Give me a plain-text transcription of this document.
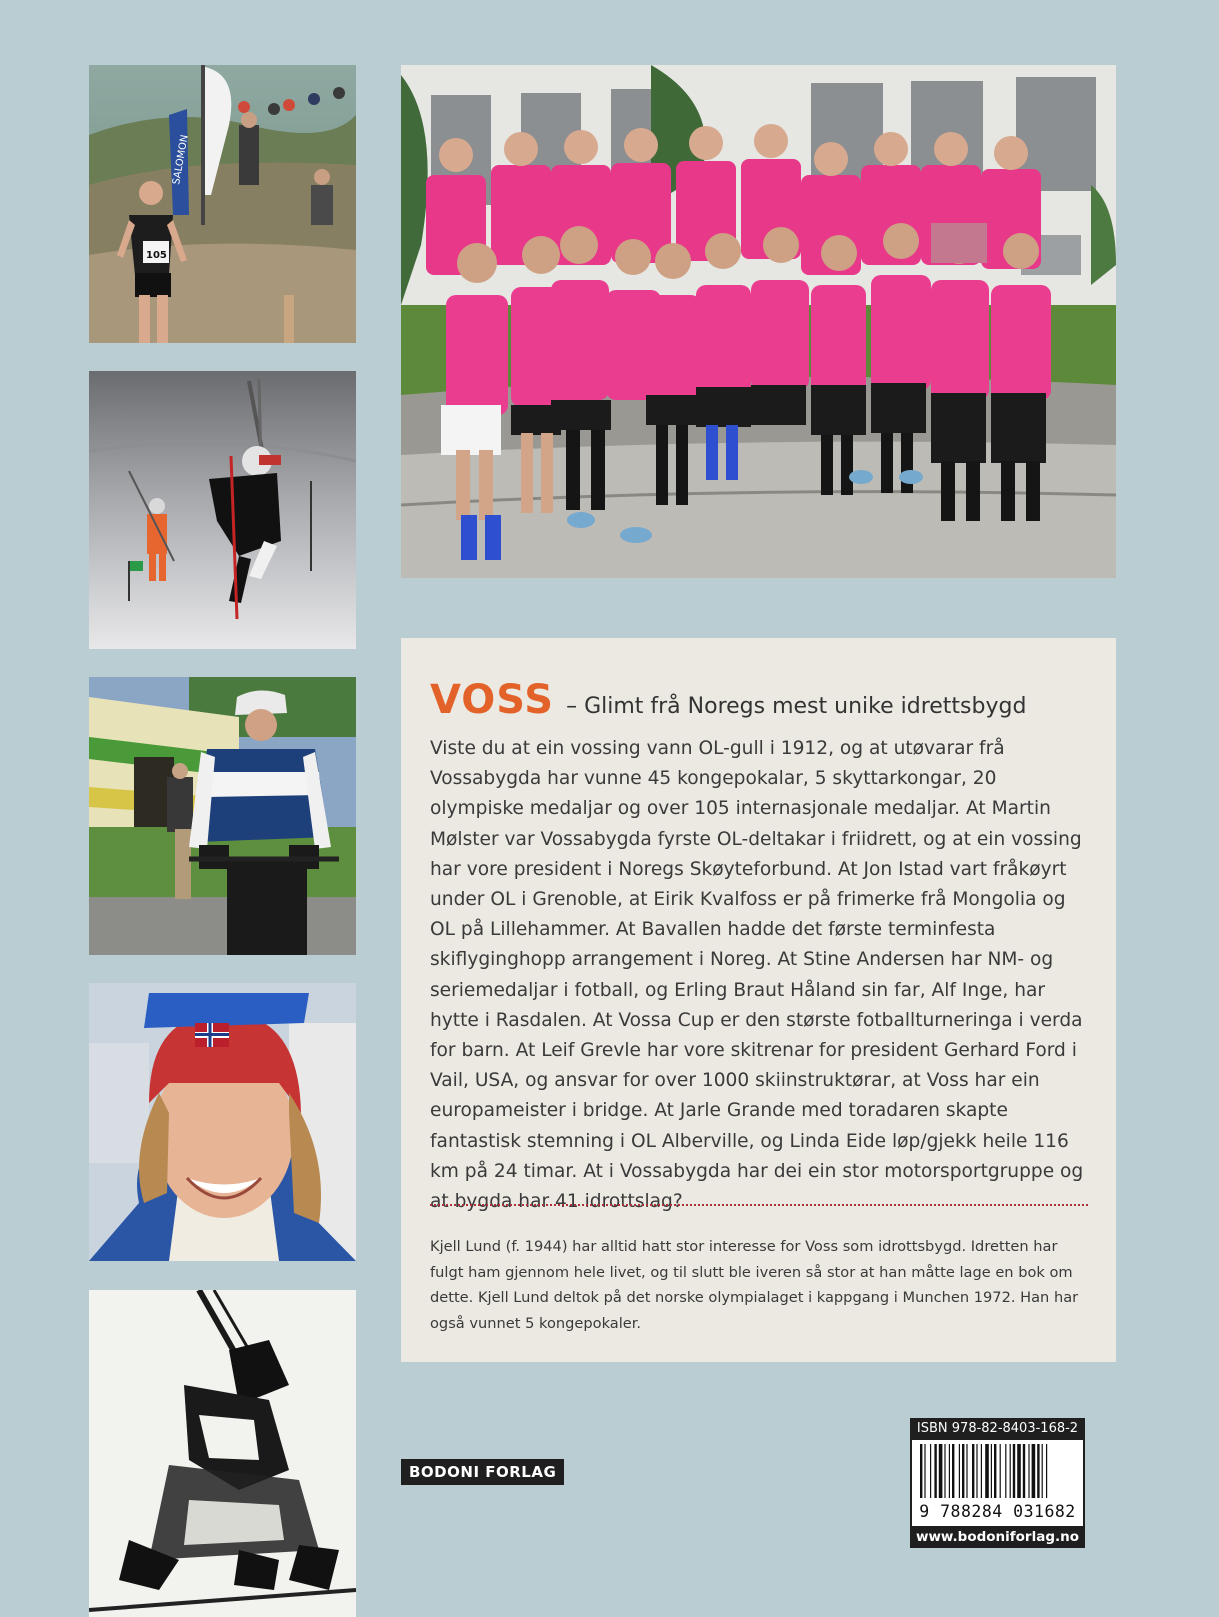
SALOMON
105
VOSS – Glimt frå Noregs mest unike idrettsbygd

Viste du at ein vossing vann OL-gull i 1912, og at utøvarar frå Vossabygda har vunne 45 kongepokalar, 5 skyttarkongar, 20 olympiske medaljar og over 105 internasjonale medaljar. At Martin Mølster var Vossabygda fyrste OL-deltakar i friidrett, og at ein vossing har vore president i Noregs Skøyteforbund. At Jon Istad vart fråkøyrt under OL i Grenoble, at Eirik Kvalfoss er på frimerke frå Mongolia og OL på Lillehammer. At Bavallen hadde det første terminfesta skiflyginghopp arrangement i Noreg. At Stine Andersen har NM- og seriemedaljar i fotball, og Erling Braut Håland sin far, Alf Inge, har hytte i Rasdalen. At Vossa Cup er den største fotballturneringa i verda for barn. At Leif Grevle har vore skitrenar for president Gerhard Ford i Vail, USA, og ansvar for over 1000 skiinstruktørar, at Voss har ein europameister i bridge. At Jarle Grande med toradaren skapte fantastisk stemning i OL Alberville, og Linda Eide løp/gjekk heile 116 km på 24 timar. At i Vossabygda har dei ein stor motorsportgruppe og at bygda har 41 idrottslag?

Kjell Lund (f. 1944) har alltid hatt stor interesse for Voss som idrottsbygd. Idretten har fulgt ham gjennom hele livet, og til slutt ble iveren så stor at han måtte lage en bok om dette. Kjell Lund deltok på det norske olympialaget i kappgang i Munchen 1972. Han har også vunnet 5 kongepokaler.

BODONI FORLAG
ISBN 978-82-8403-168-2
9 788284 031682
www.bodoniforlag.no
